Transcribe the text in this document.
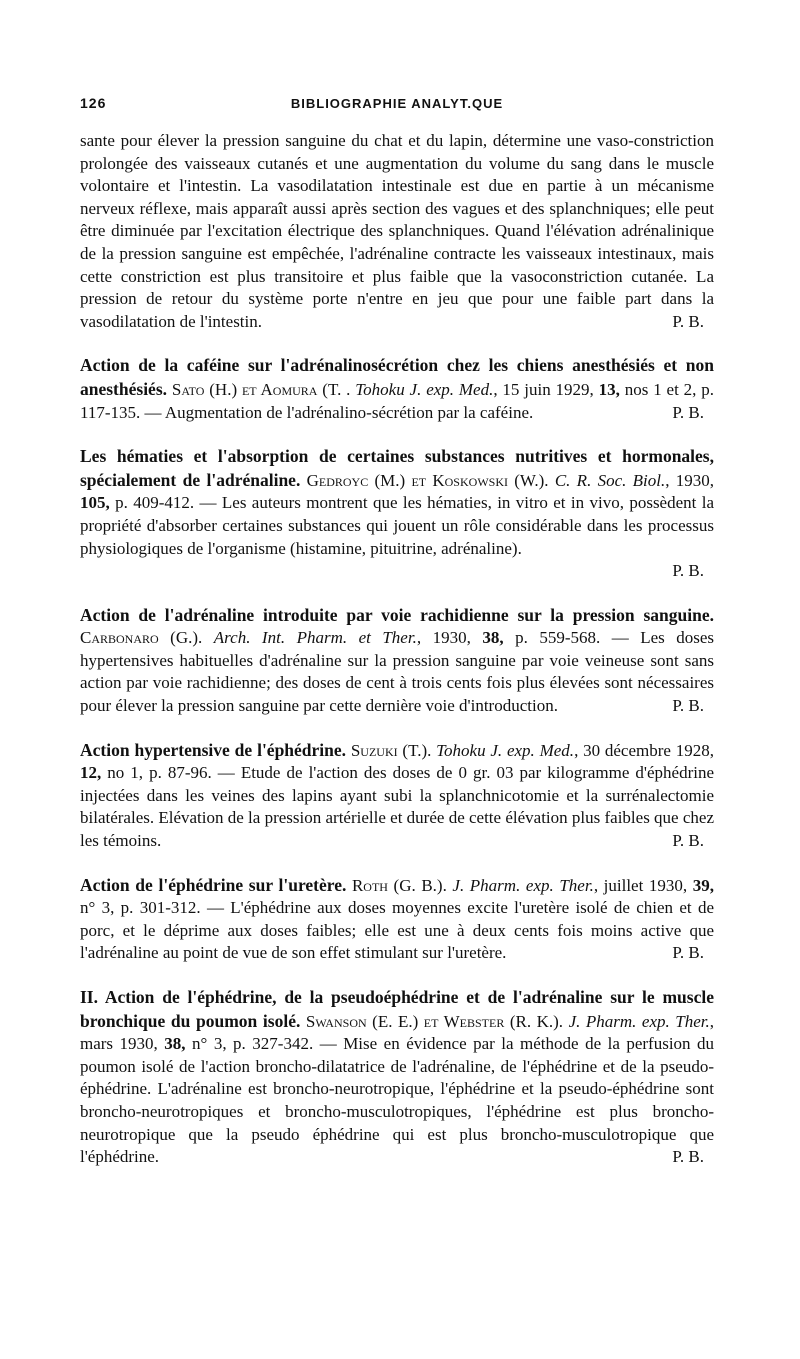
126	BIBLIOGRAPHIE ANALYT.QUE

sante pour élever la pression sanguine du chat et du lapin, détermine une vaso-constriction prolongée des vaisseaux cutanés et une augmentation du volume du sang dans le muscle volontaire et l'intestin. La vasodilatation intestinale est due en partie à un mécanisme nerveux réflexe, mais apparaît aussi après section des vagues et des splanchniques; elle peut être diminuée par l'excitation électrique des splanchniques. Quand l'élévation adrénalinique de la pression sanguine est empêchée, l'adrénaline contracte les vaisseaux intestinaux, mais cette constriction est plus transitoire et plus faible que la vasoconstriction cutanée. La pression de retour du système porte n'entre en jeu que pour une faible part dans la vasodilatation de l'intestin.	P. B.

Action de la caféine sur l'adrénalinosécrétion chez les chiens anesthésiés et non anesthésiés. Sato (H.) et Aomura (T. . Tohoku J. exp. Med., 15 juin 1929, 13, nos 1 et 2, p. 117-135. — Augmentation de l'adrénalino-sécrétion par la caféine.	P. B.

Les hématies et l'absorption de certaines substances nutritives et hormonales, spécialement de l'adrénaline. Gedroyc (M.) et Koskowski (W.). C. R. Soc. Biol., 1930, 105, p. 409-412. — Les auteurs montrent que les hématies, in vitro et in vivo, possèdent la propriété d'absorber certaines substances qui jouent un rôle considérable dans les processus physiologiques de l'organisme (histamine, pituitrine, adrénaline).

P. B.

Action de l'adrénaline introduite par voie rachidienne sur la pression sanguine. Carbonaro (G.). Arch. Int. Pharm. et Ther., 1930, 38, p. 559-568. — Les doses hypertensives habituelles d'adrénaline sur la pression sanguine par voie veineuse sont sans action par voie rachidienne; des doses de cent à trois cents fois plus élevées sont nécessaires pour élever la pression sanguine par cette dernière voie d'introduction.	P. B.

Action hypertensive de l'éphédrine. Suzuki (T.). Tohoku J. exp. Med., 30 décembre 1928, 12, no 1, p. 87-96. — Etude de l'action des doses de 0 gr. 03 par kilogramme d'éphédrine injectées dans les veines des lapins ayant subi la splanchnicotomie et la surrénalectomie bilatérales. Elévation de la pression artérielle et durée de cette élévation plus faibles que chez les témoins.	P. B.

Action de l'éphédrine sur l'uretère. Roth (G. B.). J. Pharm. exp. Ther., juillet 1930, 39, n° 3, p. 301-312. — L'éphédrine aux doses moyennes excite l'uretère isolé de chien et de porc, et le déprime aux doses faibles; elle est une à deux cents fois moins active que l'adrénaline au point de vue de son effet stimulant sur l'uretère.	P. B.

II. Action de l'éphédrine, de la pseudoéphédrine et de l'adrénaline sur le muscle bronchique du poumon isolé. Swanson (E. E.) et Webster (R. K.). J. Pharm. exp. Ther., mars 1930, 38, n° 3, p. 327-342. — Mise en évidence par la méthode de la perfusion du poumon isolé de l'action broncho-dilatatrice de l'adrénaline, de l'éphédrine et de la pseudo-éphédrine. L'adrénaline est broncho-neurotropique, l'éphédrine et la pseudo-éphédrine sont broncho-neurotropiques et broncho-musculotropiques, l'éphédrine est plus broncho-neurotropique que la pseudo éphédrine qui est plus broncho-musculotropique que l'éphédrine.	P. B.
